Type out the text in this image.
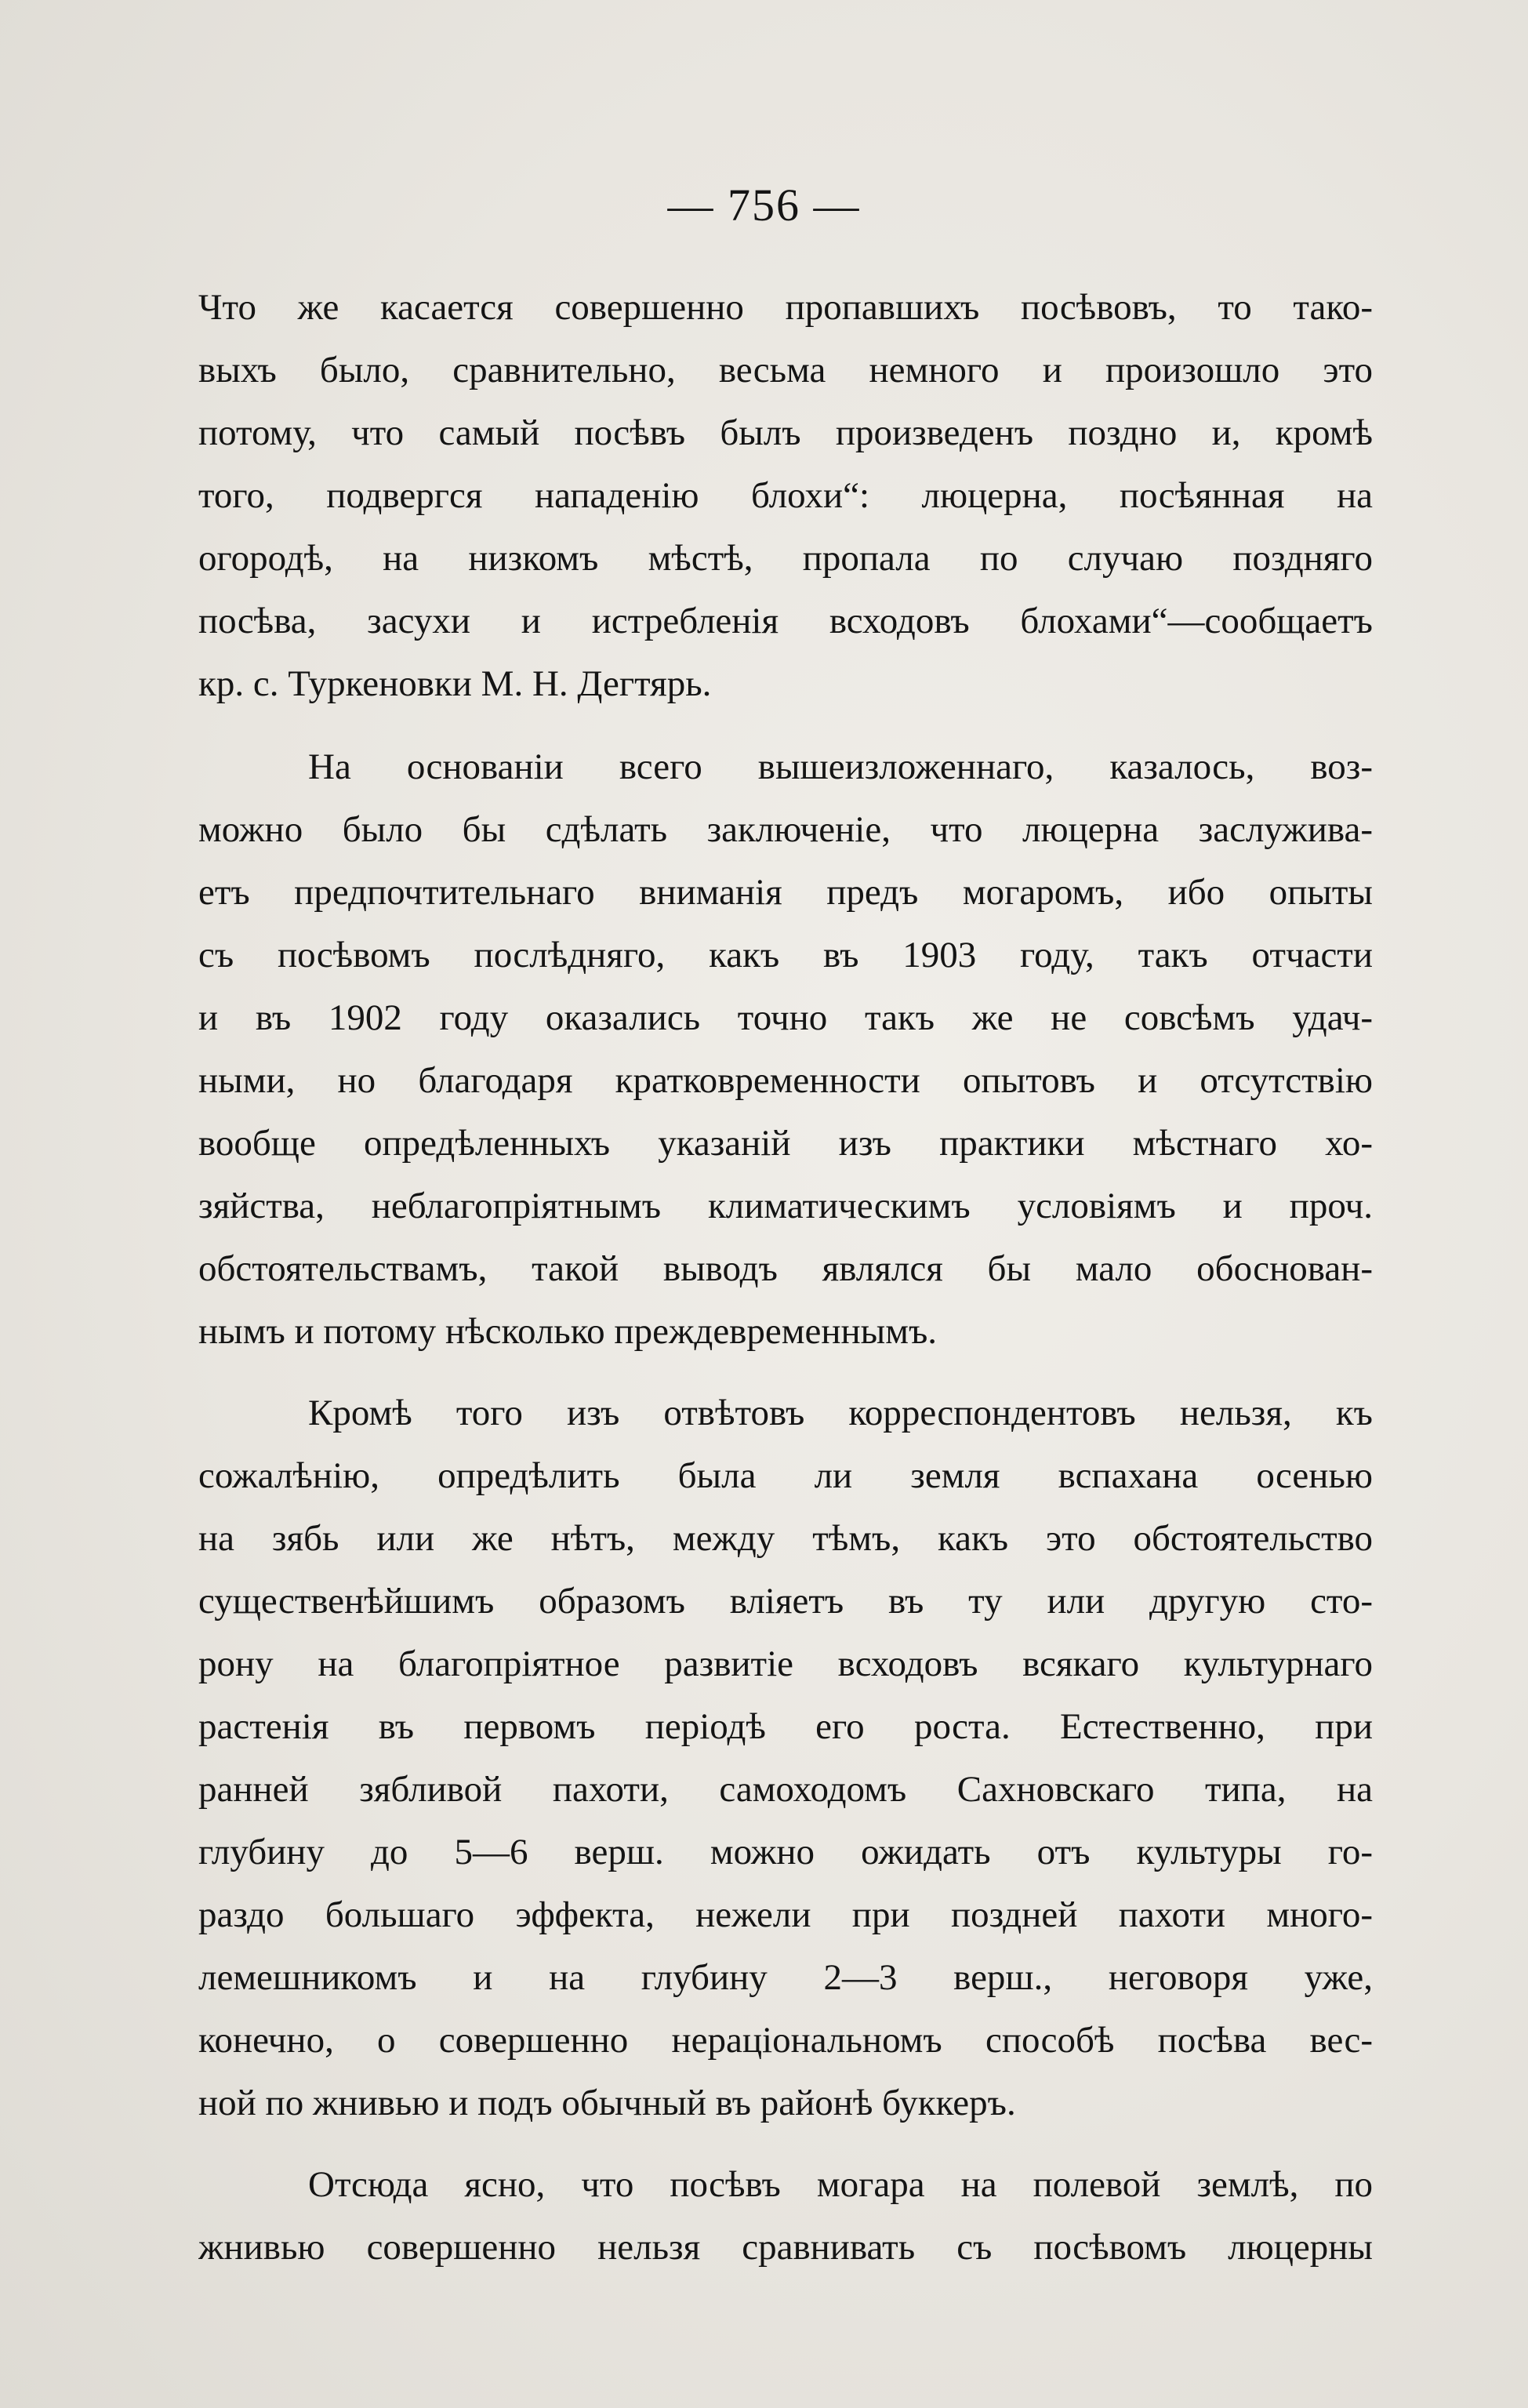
— 756 —
Что же касается совершенно пропавшихъ посѣвовъ, то тако-
выхъ было, сравнительно, весьма немного и произошло это
потому, что самый посѣвъ былъ произведенъ поздно и, кромѣ
того, подвергся нападенію блохи“: люцерна, посѣянная на
огородѣ, на низкомъ мѣстѣ, пропала по случаю поздняго
посѣва, засухи и истребленія всходовъ блохами“—сообщаетъ
кр. с. Туркеновки М. Н. Дегтярь.
На основаніи всего вышеизложеннаго, казалось, воз-
можно было бы сдѣлать заключеніе, что люцерна заслужива-
етъ предпочтительнаго вниманія предъ могаромъ, ибо опыты
съ посѣвомъ послѣдняго, какъ въ 1903 году, такъ отчасти
и въ 1902 году оказались точно такъ же не совсѣмъ удач-
ными, но благодаря кратковременности опытовъ и отсутствію
вообще опредѣленныхъ указаній изъ практики мѣстнаго хо-
зяйства, неблагопріятнымъ климатическимъ условіямъ и проч.
обстоятельствамъ, такой выводъ являлся бы мало обоснован-
нымъ и потому нѣсколько преждевременнымъ.
Кромѣ того изъ отвѣтовъ корреспондентовъ нельзя, къ
сожалѣнію, опредѣлить была ли земля вспахана осенью
на зябь или же нѣтъ, между тѣмъ, какъ это обстоятельство
существенѣйшимъ образомъ вліяетъ въ ту или другую сто-
рону на благопріятное развитіе всходовъ всякаго культурнаго
растенія въ первомъ періодѣ его роста. Естественно, при
ранней зябливой пахоти, самоходомъ Сахновскаго типа, на
глубину до 5—6 верш. можно ожидать отъ культуры го-
раздо большаго эффекта, нежели при поздней пахоти много-
лемешникомъ и на глубину 2—3 верш., неговоря уже,
конечно, о совершенно нераціональномъ способѣ посѣва вес-
ной по жнивью и подъ обычный въ районѣ буккеръ.
Отсюда ясно, что посѣвъ могара на полевой землѣ, по
жнивью совершенно нельзя сравнивать съ посѣвомъ люцерны
